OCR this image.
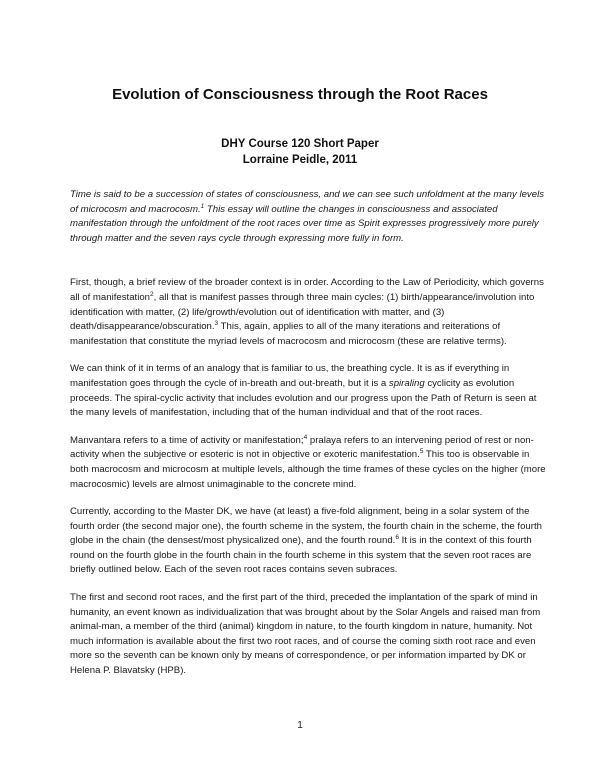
Evolution of Consciousness through the Root Races
DHY Course 120 Short Paper
Lorraine Peidle, 2011

Time is said to be a succession of states of consciousness, and we can see such unfoldment at the many levels of microcosm and macrocosm.$^1$ This essay will outline the changes in consciousness and associated manifestation through the unfoldment of the root races over time as Spirit expresses progressively more purely through matter and the seven rays cycle through expressing more fully in form.

First, though, a brief review of the broader context is in order. According to the Law of Periodicity, which governs all of manifestation$^2$, all that is manifest passes through three main cycles: (1) birth/appearance/involution into identification with matter, (2) life/growth/evolution out of identification with matter, and (3) death/disappearance/obscuration.$^3$ This, again, applies to all of the many iterations and reiterations of manifestation that constitute the myriad levels of macrocosm and microcosm (these are relative terms).

We can think of it in terms of an analogy that is familiar to us, the breathing cycle. It is as if everything in manifestation goes through the cycle of in-breath and out-breath, but it is a spiraling cyclicity as evolution proceeds. The spiral-cyclic activity that includes evolution and our progress upon the Path of Return is seen at the many levels of manifestation, including that of the human individual and that of the root races.

Manvantara refers to a time of activity or manifestation;$^4$ pralaya refers to an intervening period of rest or non-activity when the subjective or esoteric is not in objective or exoteric manifestation.$^5$ This too is observable in both macrocosm and microcosm at multiple levels, although the time frames of these cycles on the higher (more macrocosmic) levels are almost unimaginable to the concrete mind.

Currently, according to the Master DK, we have (at least) a five-fold alignment, being in a solar system of the fourth order (the second major one), the fourth scheme in the system, the fourth chain in the scheme, the fourth globe in the chain (the densest/most physicalized one), and the fourth round.$^6$ It is in the context of this fourth round on the fourth globe in the fourth chain in the fourth scheme in this system that the seven root races are briefly outlined below. Each of the seven root races contains seven subraces.

The first and second root races, and the first part of the third, preceded the implantation of the spark of mind in humanity, an event known as individualization that was brought about by the Solar Angels and raised man from animal-man, a member of the third (animal) kingdom in nature, to the fourth kingdom in nature, humanity. Not much information is available about the first two root races, and of course the coming sixth root race and even more so the seventh can be known only by means of correspondence, or per information imparted by DK or Helena P. Blavatsky (HPB).

1
